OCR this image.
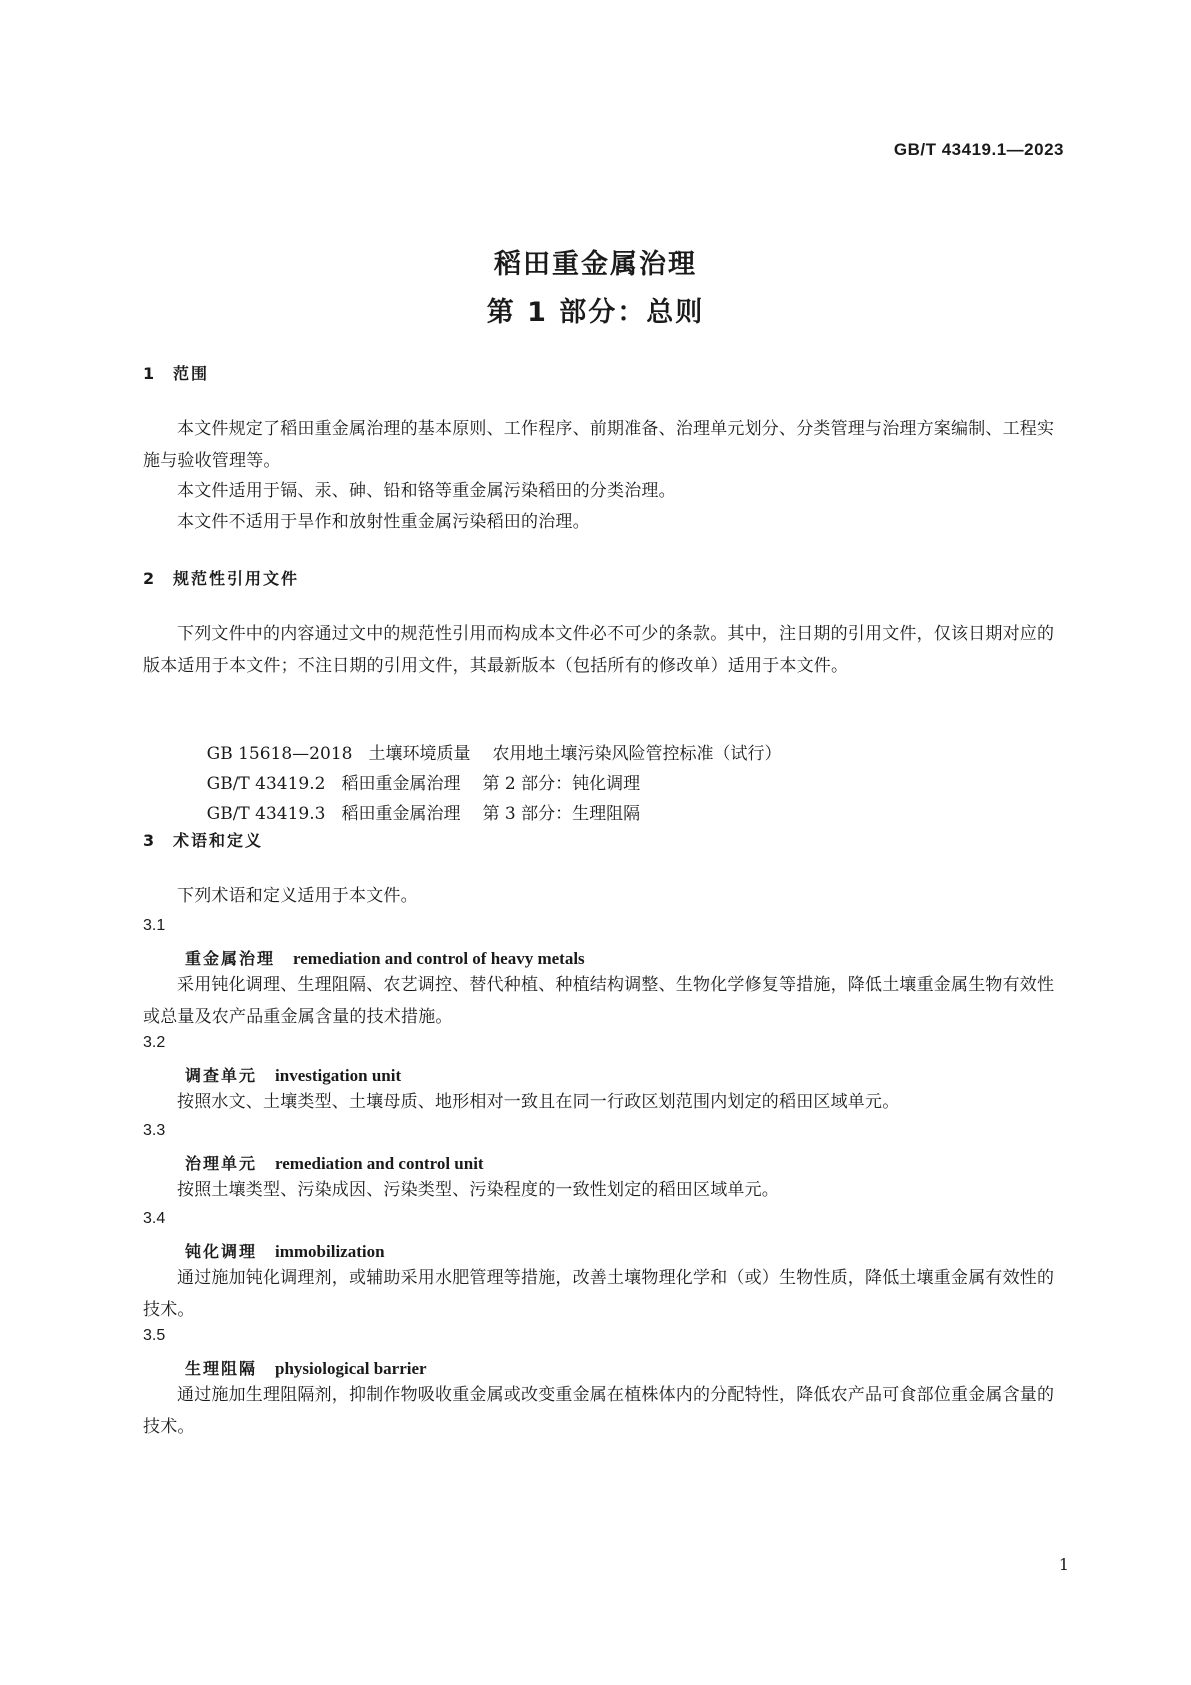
GB/T 43419.1—2023
稻田重金属治理
第 1 部分：总则
1 范围
本文件规定了稻田重金属治理的基本原则、工作程序、前期准备、治理单元划分、分类管理与治理方案编制、工程实施与验收管理等。
本文件适用于镉、汞、砷、铅和铬等重金属污染稻田的分类治理。
本文件不适用于旱作和放射性重金属污染稻田的治理。
2 规范性引用文件
下列文件中的内容通过文中的规范性引用而构成本文件必不可少的条款。其中，注日期的引用文件，仅该日期对应的版本适用于本文件；不注日期的引用文件，其最新版本（包括所有的修改单）适用于本文件。

GB 15618—2018 土壤环境质量 农用地土壤污染风险管控标准（试行）

GB/T 43419.2 稻田重金属治理 第 2 部分：钝化调理

GB/T 43419.3 稻田重金属治理 第 3 部分：生理阻隔

3 术语和定义
下列术语和定义适用于本文件。
3.1
重金属治理 remediation and control of heavy metals
采用钝化调理、生理阻隔、农艺调控、替代种植、种植结构调整、生物化学修复等措施，降低土壤重金属生物有效性或总量及农产品重金属含量的技术措施。
3.2
调查单元 investigation unit
按照水文、土壤类型、土壤母质、地形相对一致且在同一行政区划范围内划定的稻田区域单元。
3.3
治理单元 remediation and control unit
按照土壤类型、污染成因、污染类型、污染程度的一致性划定的稻田区域单元。
3.4
钝化调理 immobilization
通过施加钝化调理剂，或辅助采用水肥管理等措施，改善土壤物理化学和（或）生物性质，降低土壤重金属有效性的技术。
3.5
生理阻隔 physiological barrier
通过施加生理阻隔剂，抑制作物吸收重金属或改变重金属在植株体内的分配特性，降低农产品可食部位重金属含量的技术。
1
